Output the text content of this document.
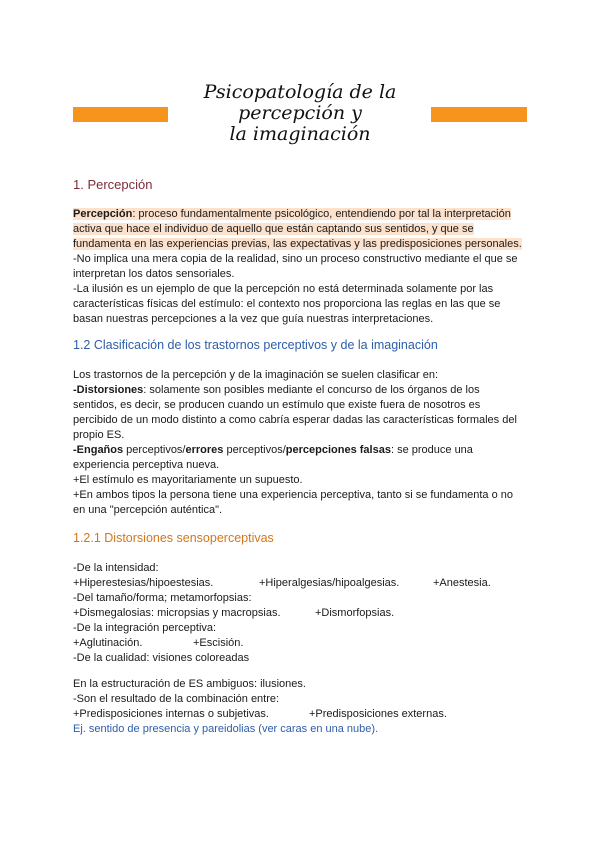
Psicopatología de la percepción y
la imaginación
1. Percepción

Percepción: proceso fundamentalmente psicológico, entendiendo por tal la interpretación

activa que hace el individuo de aquello que están captando sus sentidos, y que se

fundamenta en las experiencias previas, las expectativas y las predisposiciones personales.

-No implica una mera copia de la realidad, sino un proceso constructivo mediante el que se

interpretan los datos sensoriales.

-La ilusión es un ejemplo de que la percepción no está determinada solamente por las

características físicas del estímulo: el contexto nos proporciona las reglas en las que se

basan nuestras percepciones a la vez que guía nuestras interpretaciones.

1.2 Clasificación de los trastornos perceptivos y de la imaginación

Los trastornos de la percepción y de la imaginación se suelen clasificar en:

-Distorsiones: solamente son posibles mediante el concurso de los órganos de los

sentidos, es decir, se producen cuando un estímulo que existe fuera de nosotros es

percibido de un modo distinto a como cabría esperar dadas las características formales del

propio ES.

-Engaños perceptivos/errores perceptivos/percepciones falsas: se produce una

experiencia perceptiva nueva.

+El estímulo es mayoritariamente un supuesto.

+En ambos tipos la persona tiene una experiencia perceptiva, tanto si se fundamenta o no

en una "percepción auténtica".

1.2.1 Distorsiones sensoperceptivas

-De la intensidad:

+Hiperestesias/hipoestesias.	+Hiperalgesias/hipoalgesias.	+Anestesia.

-Del tamaño/forma; metamorfopsias:

+Dismegalosias: micropsias y macropsias.	+Dismorfopsias.

-De la integración perceptiva:

+Aglutinación.	+Escisión.

-De la cualidad: visiones coloreadas

En la estructuración de ES ambiguos: ilusiones.

-Son el resultado de la combinación entre:

+Predisposiciones internas o subjetivas.	+Predisposiciones externas.

Ej. sentido de presencia y pareidolias (ver caras en una nube).
